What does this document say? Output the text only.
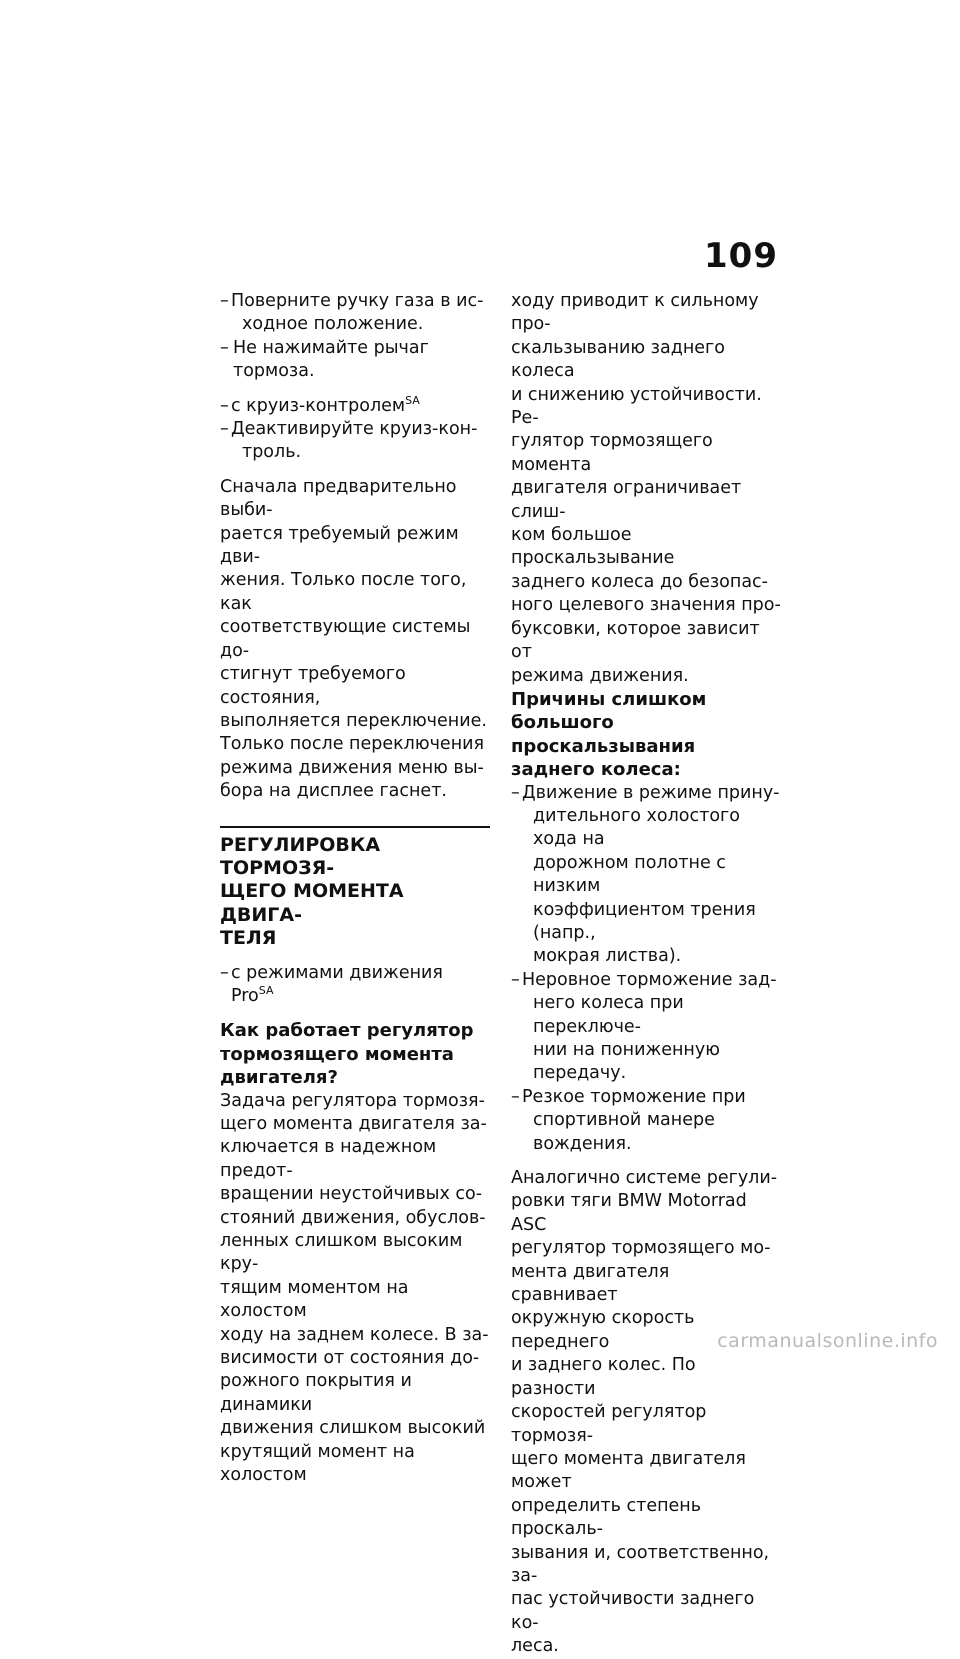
109

– Поверните ручку газа в ис-
ходное положение.

– Не нажимайте рычаг тормоза.

– с круиз-контролем$^{SA}$

– Деактивируйте круиз-кон-
троль.

Сначала предварительно выби-
рается требуемый режим дви-
жения. Только после того, как
соответствующие системы до-
стигнут требуемого состояния,
выполняется переключение.
Только после переключения
режима движения меню вы-
бора на дисплее гаснет.

РЕГУЛИРОВКА ТОРМОЗЯ-
ЩЕГО МОМЕНТА ДВИГА-
ТЕЛЯ

– с режимами движения Pro$^{SA}$

Как работает регулятор
тормозящего момента
двигателя?

Задача регулятора тормозя-
щего момента двигателя за-
ключается в надежном предот-
вращении неустойчивых со-
стояний движения, обуслов-
ленных слишком высоким кру-
тящим моментом на холостом
ходу на заднем колесе. В за-
висимости от состояния до-
рожного покрытия и динамики
движения слишком высокий
крутящий момент на холостом

ходу приводит к сильному про-
скальзыванию заднего колеса
и снижению устойчивости. Ре-
гулятор тормозящего момента
двигателя ограничивает слиш-
ком большое проскальзывание
заднего колеса до безопас-
ного целевого значения про-
буксовки, которое зависит от
режима движения.

Причины слишком
большого проскальзывания
заднего колеса:

– Движение в режиме прину-
дительного холостого хода на
дорожном полотне с низким
коэффициентом трения (напр.,
мокрая листва).

– Неровное торможение зад-
него колеса при переключе-
нии на пониженную передачу.

– Резкое торможение при
спортивной манере вождения.

Аналогично системе регули-
ровки тяги BMW Motorrad ASC
регулятор тормозящего мо-
мента двигателя сравнивает
окружную скорость переднего
и заднего колес. По разности
скоростей регулятор тормозя-
щего момента двигателя может
определить степень проскаль-
зывания и, соответственно, за-
пас устойчивости заднего ко-
леса.

carmanualsonline.info
